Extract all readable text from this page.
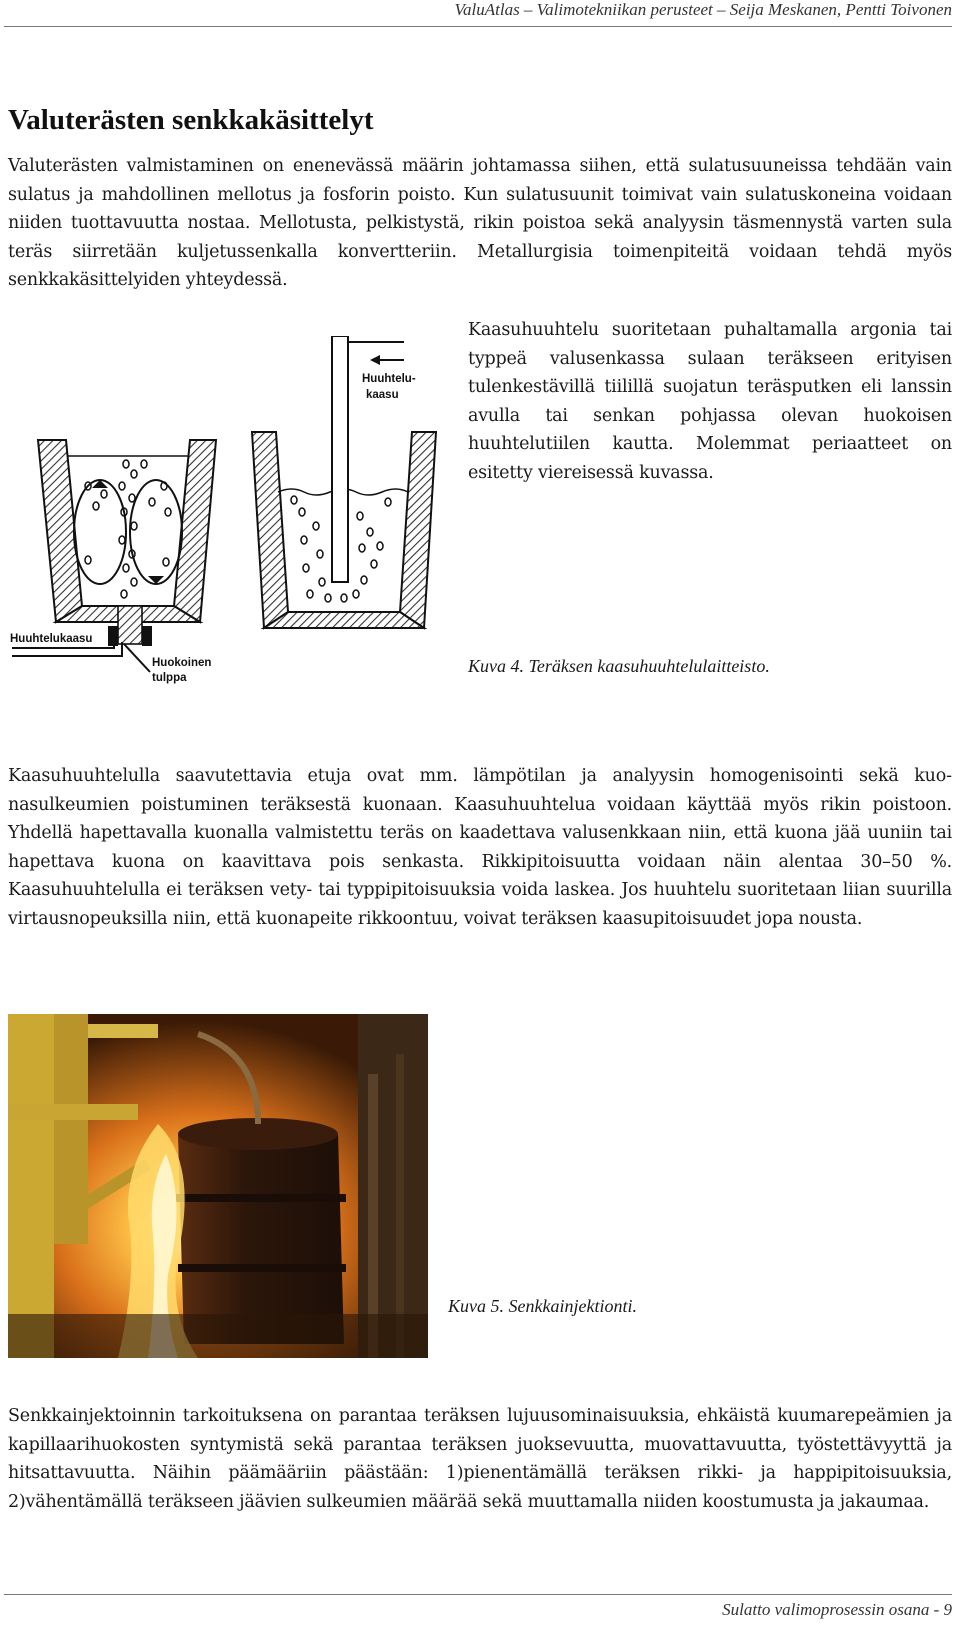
ValuAtlas – Valimotekniikan perusteet – Seija Meskanen, Pentti Toivonen
Valuterästen senkkakäsittelyt

Valuterästen valmistaminen on enenevässä määrin johtamassa siihen, että sulatusuuneissa tehdään vain sulatus ja mahdollinen mellotus ja fosforin poisto. Kun sulatusuunit toimivat vain sulatuskoneina voidaan niiden tuottavuutta nostaa. Mellotusta, pelkistystä, rikin poistoa sekä analyysin täsmennystä varten sula teräs siirretään kuljetussenkalla konvertteriin. Metallurgisia toimenpiteitä voidaan tehdä myös senkkakäsittelyiden yhteydessä.

Huuhtelukaasu
Huokoinen
tulppa
Huuhtelu-
kaasu

Kaasuhuuhtelu suoritetaan puhaltamalla argonia tai typpeä valusenkassa sulaan teräkseen erityisen tulenkestävillä tiilillä suojatun teräsputken eli lanssin avulla tai senkan pohjassa olevan huokoisen huuhtelutiilen kautta. Molemmat periaatteet on esitetty viereisessä kuvassa.

Kuva 4. Teräksen kaasuhuuhtelulaitteisto.

Kaasuhuuhtelulla saavutettavia etuja ovat mm. lämpötilan ja analyysin homogenisointi sekä kuonasulkeumien poistuminen teräksestä kuonaan. Kaasuhuuhtelua voidaan käyttää myös rikin poistoon. Yhdellä hapettavalla kuonalla valmistettu teräs on kaadettava valusenkkaan niin, että kuona jää uuniin tai hapettava kuona on kaavittava pois senkasta. Rikkipitoisuutta voidaan näin alentaa 30–50 %. Kaasuhuuhtelulla ei teräksen vety- tai typpipitoisuuksia voida laskea. Jos huuhtelu suoritetaan liian suurilla virtausnopeuksilla niin, että kuonapeite rikkoontuu, voivat teräksen kaasupitoisuudet jopa nousta.

Kuva 5. Senkkainjektionti.

Senkkainjektoinnin tarkoituksena on parantaa teräksen lujuusominaisuuksia, ehkäistä kuumarepeämien ja kapillaarihuokosten syntymistä sekä parantaa teräksen juoksevuutta, muovattavuutta, työstettävyyttä ja hitsattavuutta. Näihin päämääriin päästään: 1)pienentämällä teräksen rikki- ja happipitoisuuksia, 2)vähentämällä teräkseen jäävien sulkeumien määrää sekä muuttamalla niiden koostumusta ja jakaumaa.

Sulatto valimoprosessin osana - 9
